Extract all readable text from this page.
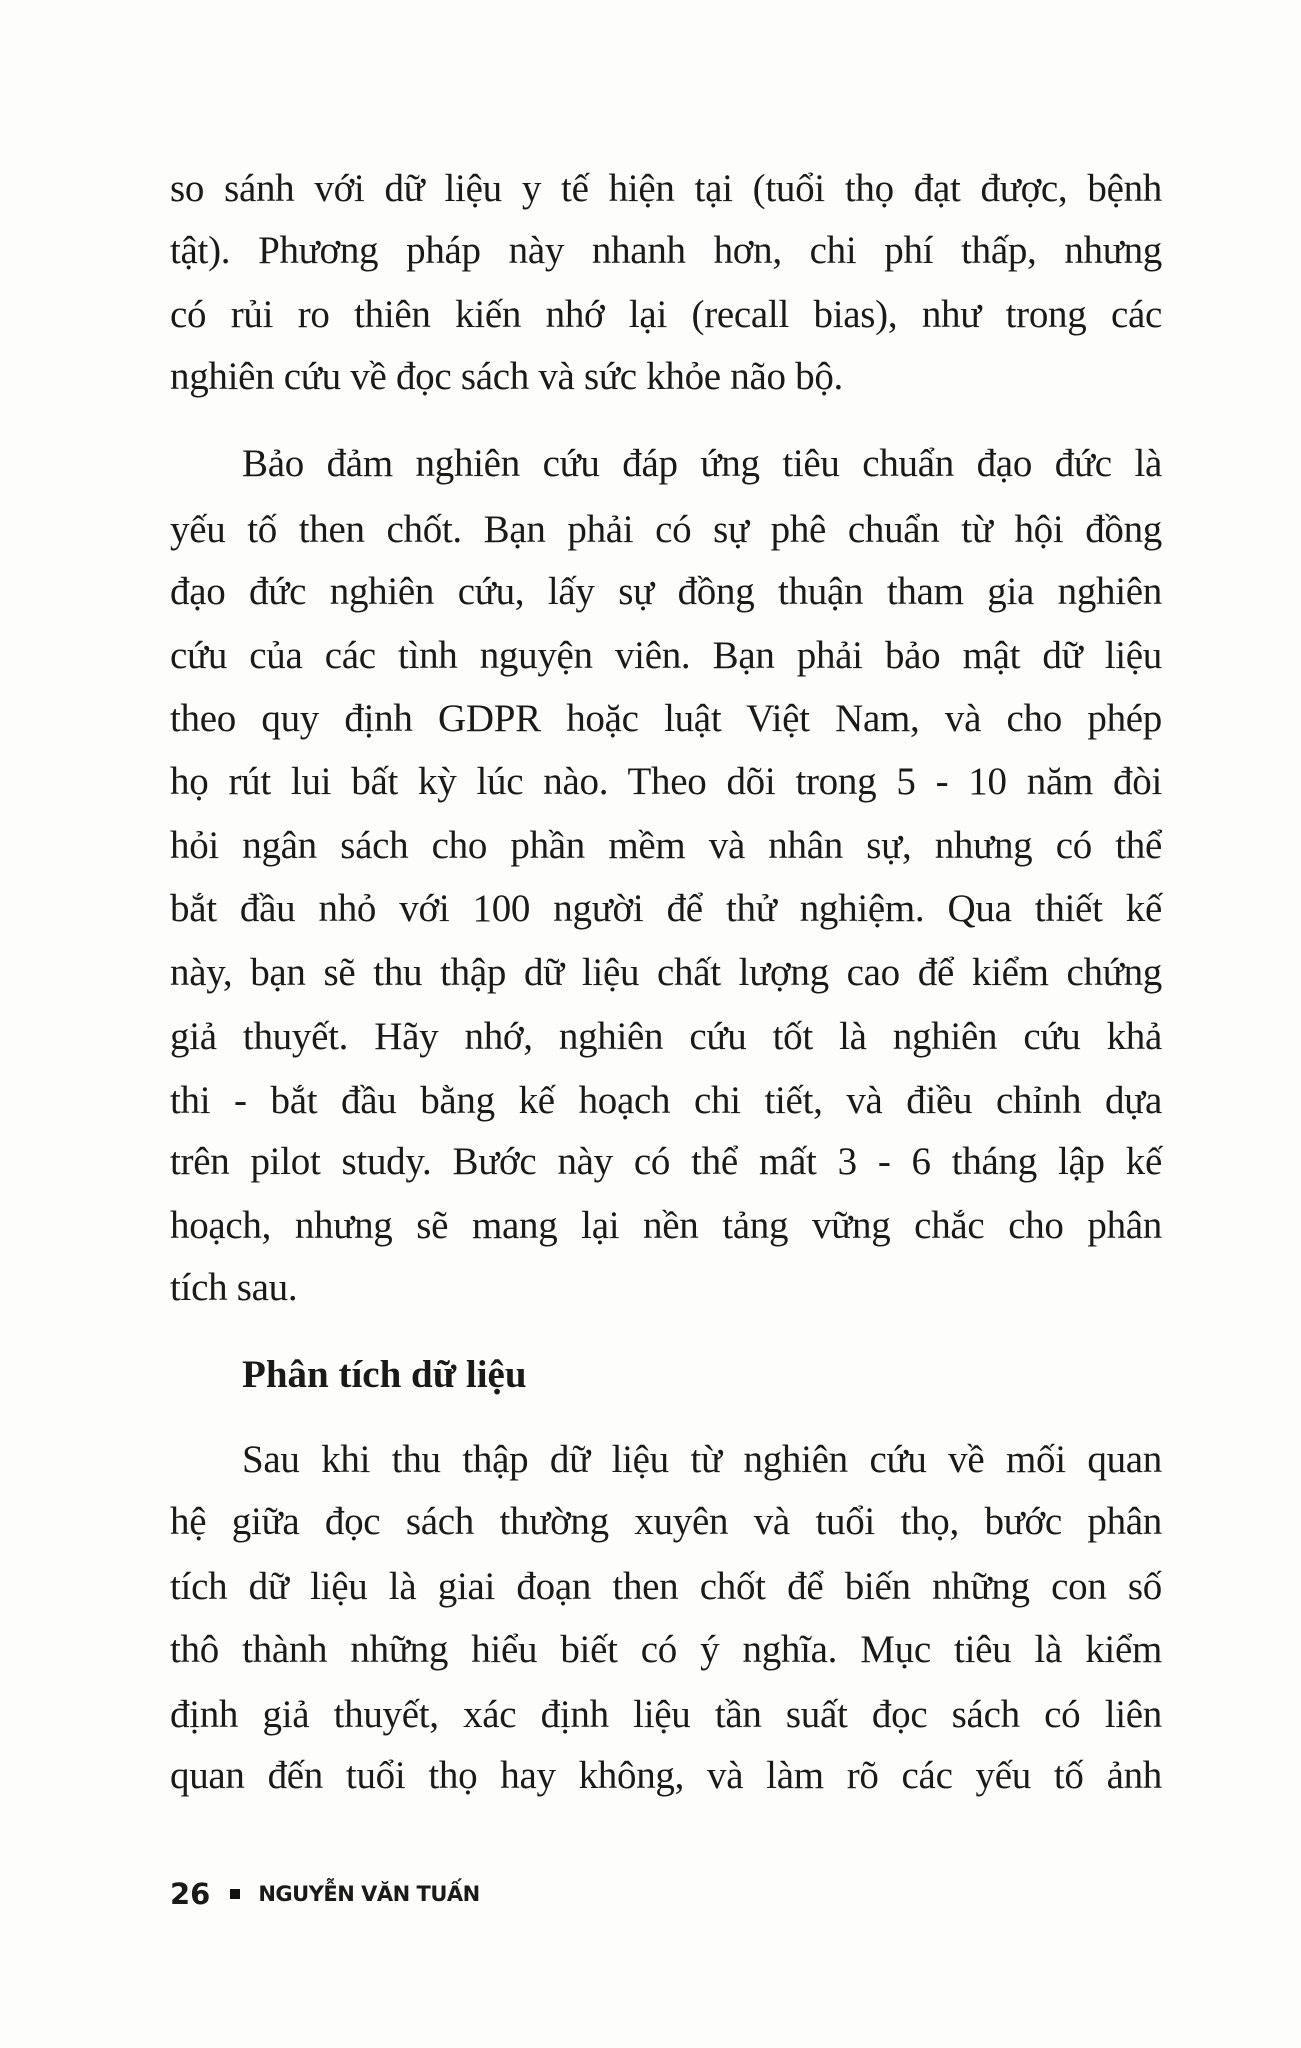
so sánh với dữ liệu y tế hiện tại (tuổi thọ đạt được, bệnh
tật). Phương pháp này nhanh hơn, chi phí thấp, nhưng
có rủi ro thiên kiến nhớ lại (recall bias), như trong các
nghiên cứu về đọc sách và sức khỏe não bộ.
Bảo đảm nghiên cứu đáp ứng tiêu chuẩn đạo đức là
yếu tố then chốt. Bạn phải có sự phê chuẩn từ hội đồng
đạo đức nghiên cứu, lấy sự đồng thuận tham gia nghiên
cứu của các tình nguyện viên. Bạn phải bảo mật dữ liệu
theo quy định GDPR hoặc luật Việt Nam, và cho phép
họ rút lui bất kỳ lúc nào. Theo dõi trong 5 - 10 năm đòi
hỏi ngân sách cho phần mềm và nhân sự, nhưng có thể
bắt đầu nhỏ với 100 người để thử nghiệm. Qua thiết kế
này, bạn sẽ thu thập dữ liệu chất lượng cao để kiểm chứng
giả thuyết. Hãy nhớ, nghiên cứu tốt là nghiên cứu khả
thi - bắt đầu bằng kế hoạch chi tiết, và điều chỉnh dựa
trên pilot study. Bước này có thể mất 3 - 6 tháng lập kế
hoạch, nhưng sẽ mang lại nền tảng vững chắc cho phân
tích sau.
Sau khi thu thập dữ liệu từ nghiên cứu về mối quan
hệ giữa đọc sách thường xuyên và tuổi thọ, bước phân
tích dữ liệu là giai đoạn then chốt để biến những con số
thô thành những hiểu biết có ý nghĩa. Mục tiêu là kiểm
định giả thuyết, xác định liệu tần suất đọc sách có liên
quan đến tuổi thọ hay không, và làm rõ các yếu tố ảnh
Phân tích dữ liệu
26 NGUYỄN VĂN TUẤN
